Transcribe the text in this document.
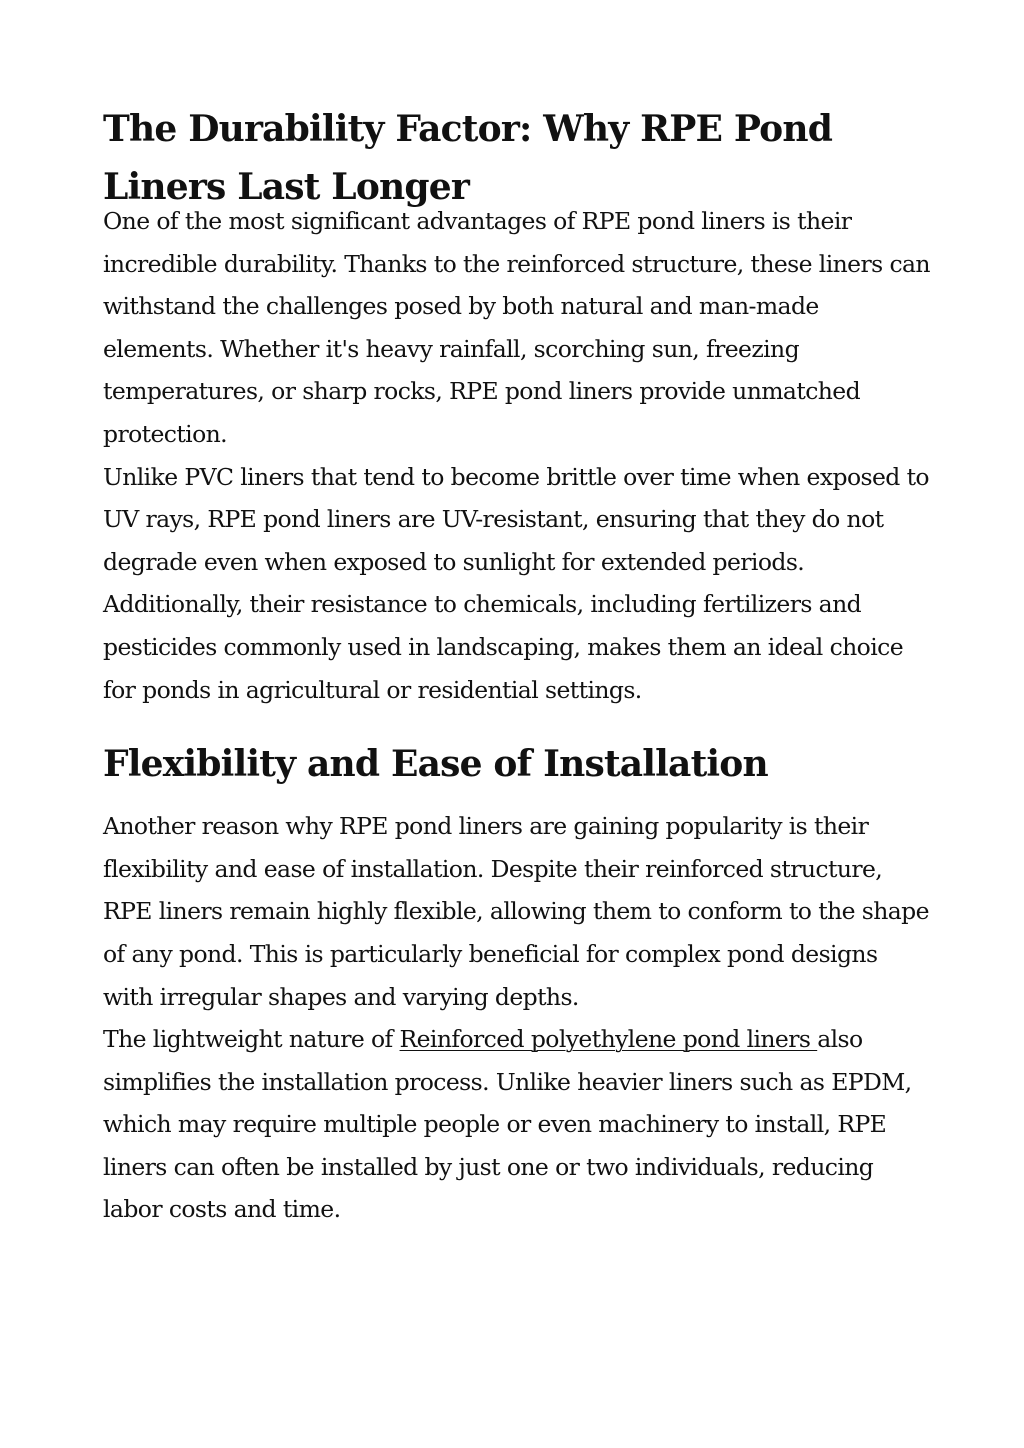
The Durability Factor: Why RPE Pond Liners Last Longer

One of the most significant advantages of RPE pond liners is their incredible durability. Thanks to the reinforced structure, these liners can withstand the challenges posed by both natural and man-made elements. Whether it's heavy rainfall, scorching sun, freezing temperatures, or sharp rocks, RPE pond liners provide unmatched protection.

Unlike PVC liners that tend to become brittle over time when exposed to UV rays, RPE pond liners are UV-resistant, ensuring that they do not degrade even when exposed to sunlight for extended periods. Additionally, their resistance to chemicals, including fertilizers and pesticides commonly used in landscaping, makes them an ideal choice for ponds in agricultural or residential settings.

Flexibility and Ease of Installation

Another reason why RPE pond liners are gaining popularity is their flexibility and ease of installation. Despite their reinforced structure, RPE liners remain highly flexible, allowing them to conform to the shape of any pond. This is particularly beneficial for complex pond designs with irregular shapes and varying depths.

The lightweight nature of Reinforced polyethylene pond liners also simplifies the installation process. Unlike heavier liners such as EPDM, which may require multiple people or even machinery to install, RPE liners can often be installed by just one or two individuals, reducing labor costs and time.
